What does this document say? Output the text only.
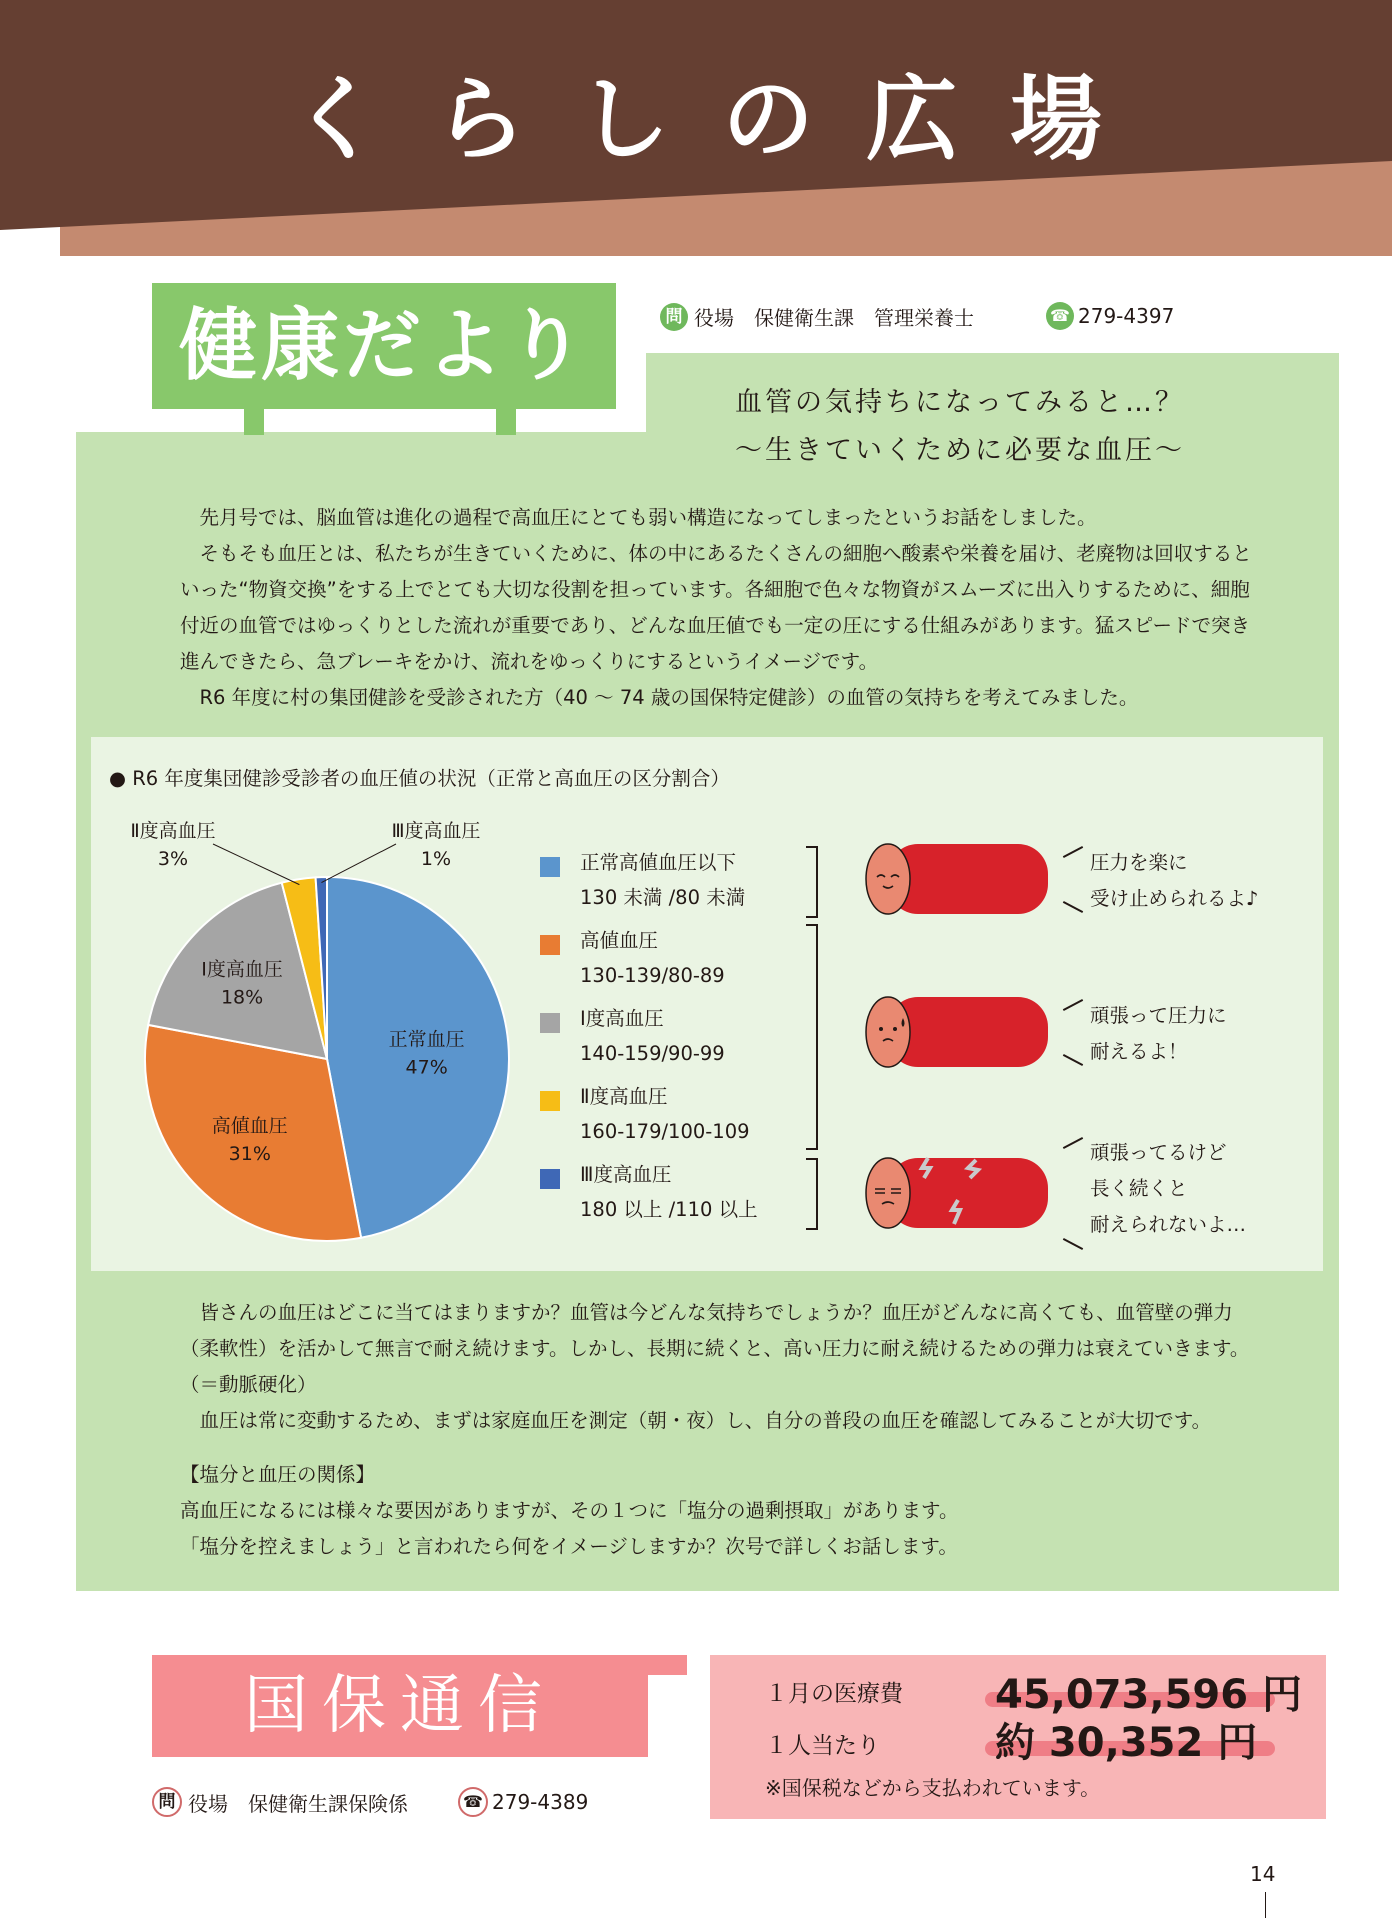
くらしの広場
健康だより	問 役場　保健衛生課　管理栄養士	☎ 279-4397
血管の気持ちになってみると…？
～生きていくために必要な血圧～

先月号では、脳血管は進化の過程で高血圧にとても弱い構造になってしまったというお話をしました。

そもそも血圧とは、私たちが生きていくために、体の中にあるたくさんの細胞へ酸素や栄養を届け、老廃物は回収するといった“物資交換”をする上でとても大切な役割を担っています。各細胞で色々な物資がスムーズに出入りするために、細胞付近の血管ではゆっくりとした流れが重要であり、どんな血圧値でも一定の圧にする仕組みがあります。猛スピードで突き進んできたら、急ブレーキをかけ、流れをゆっくりにするというイメージです。

R6 年度に村の集団健診を受診された方（40 ～ 74 歳の国保特定健診）の血管の気持ちを考えてみました。

● R6 年度集団健診受診者の血圧値の状況（正常と高血圧の区分割合）
正常血圧
47%
高値血圧
31%
Ⅰ度高血圧
18%
Ⅱ度高血圧
3%
Ⅲ度高血圧
1%	正常高値血圧以下
130 未満 /80 未満
高値血圧
130-139/80-89
Ⅰ度高血圧
140-159/90-99
Ⅱ度高血圧
160-179/100-109
Ⅲ度高血圧
180 以上 /110 以上
圧力を楽に
受け止められるよ♪
頑張って圧力に
耐えるよ！
頑張ってるけど
長く続くと
耐えられないよ…

皆さんの血圧はどこに当てはまりますか？血管は今どんな気持ちでしょうか？血圧がどんなに高くても、血管壁の弾力（柔軟性）を活かして無言で耐え続けます。しかし、長期に続くと、高い圧力に耐え続けるための弾力は衰えていきます。（＝動脈硬化）

血圧は常に変動するため、まずは家庭血圧を測定（朝・夜）し、自分の普段の血圧を確認してみることが大切です。

【塩分と血圧の関係】

高血圧になるには様々な要因がありますが、その１つに「塩分の過剰摂取」があります。

「塩分を控えましょう」と言われたら何をイメージしますか？次号で詳しくお話します。

国保通信
問 役場　保健衛生課保険係	☎ 279-4389
１月の医療費 45,073,596 円
１人当たり	約 30,352 円
※国保税などから支払われています。
14
